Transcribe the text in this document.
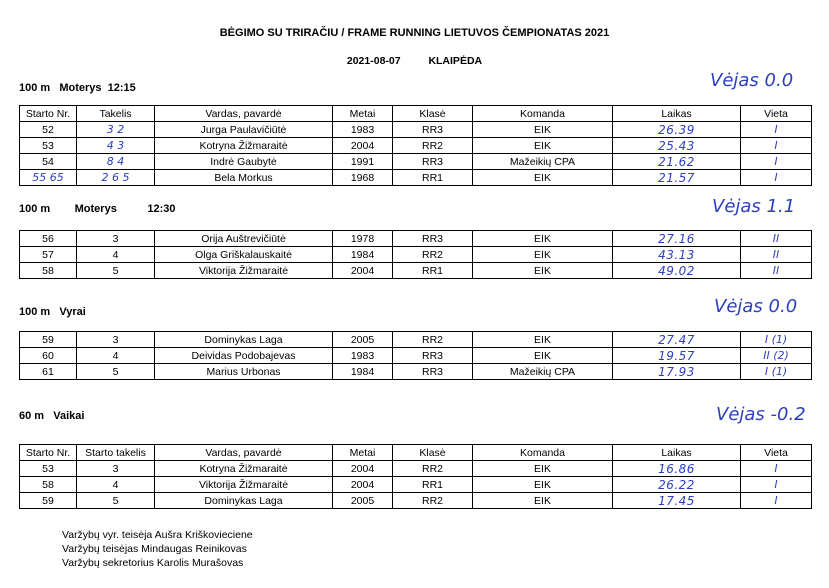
BĖGIMO SU TRIRAČIU / FRAME RUNNING LIETUVOS ČEMPIONATAS 2021
2021-08-07	KLAIPĖDA
100 m   Moterys  12:15	Vėjas 0.0
Starto Nr.	Takelis	Vardas, pavardė	Metai	Klasė	Komanda	Laikas	Vieta
52	3 2	Jurga Paulavičiūtė	1983	RR3	EIK	26.39	I
53	4 3	Kotryna Žižmaraitė	2004	RR2	EIK	25.43	I
54	8 4	Indrė Gaubytė	1991	RR3	Mažeikių CPA	21.62	I
55 65	2 6 5	Bela Morkus	1968	RR1	EIK	21.57	I
100 m        Moterys          12:30	Vėjas 1.1
56	3	Orija Auštrevičiūtė	1978	RR3	EIK	27.16	II
57	4	Olga Griškalauskaitė	1984	RR2	EIK	43.13	II
58	5	Viktorija Žižmaraitė	2004	RR1	EIK	49.02	II
100 m   Vyrai	Vėjas 0.0
59	3	Dominykas Laga	2005	RR2	EIK	27.47	I (1)
60	4	Deividas Podobajevas	1983	RR3	EIK	19.57	II (2)
61	5	Marius Urbonas	1984	RR3	Mažeikių CPA	17.93	I (1)
60 m   Vaikai	Vėjas -0.2
Starto Nr.	Starto takelis	Vardas, pavardė	Metai	Klasė	Komanda	Laikas	Vieta
53	3	Kotryna Žižmaraitė	2004	RR2	EIK	16.86	I
58	4	Viktorija Žižmaraitė	2004	RR1	EIK	26.22	I
59	5	Dominykas Laga	2005	RR2	EIK	17.45	I
Varžybų vyr. teisėja Aušra Kriškovieciene
Varžybų teisėjas Mindaugas Reinikovas
Varžybų sekretorius Karolis Murašovas
